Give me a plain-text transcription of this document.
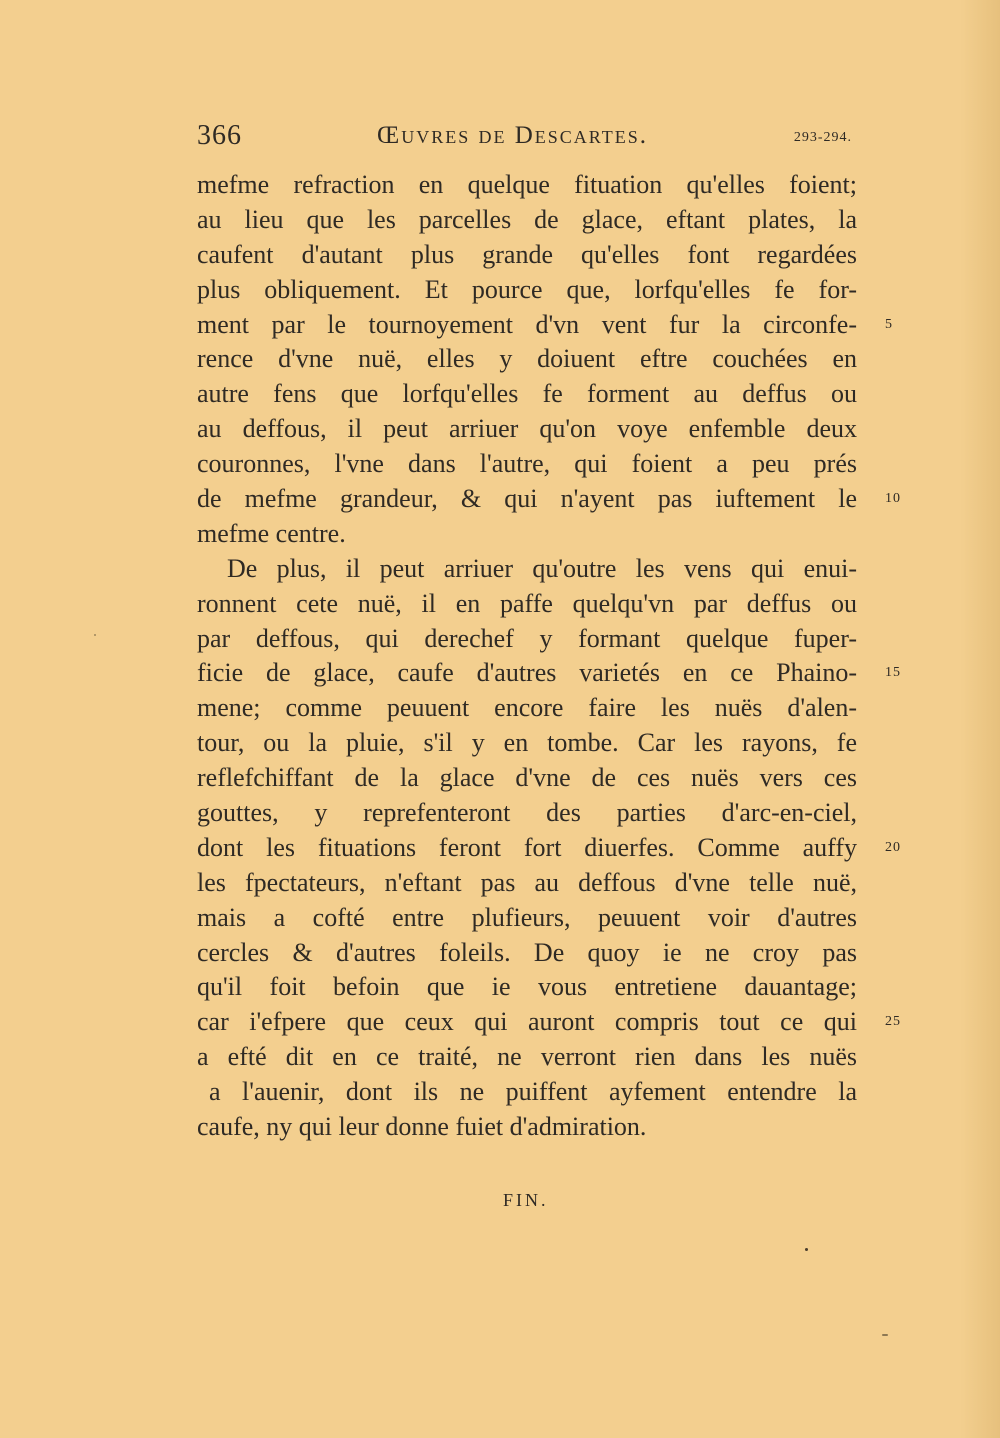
366	Œuvres de Descartes.	293-294.
mefme refraction en quelque fituation qu'elles foient;
au lieu que les parcelles de glace, eftant plates, la
caufent d'autant plus grande qu'elles font regardées
plus obliquement. Et pource que, lorfqu'elles fe for-
ment par le tournoyement d'vn vent fur la circonfe- 5
rence d'vne nuë, elles y doiuent eftre couchées en
autre fens que lorfqu'elles fe forment au deffus ou
au deffous, il peut arriuer qu'on voye enfemble deux
couronnes, l'vne dans l'autre, qui foient a peu prés
de mefme grandeur, & qui n'ayent pas iuftement le 10
mefme centre.
De plus, il peut arriuer qu'outre les vens qui enui-
ronnent cete nuë, il en paffe quelqu'vn par deffus ou
par deffous, qui derechef y formant quelque fuper-
ficie de glace, caufe d'autres varietés en ce Phaino- 15
mene; comme peuuent encore faire les nuës d'alen-
tour, ou la pluie, s'il y en tombe. Car les rayons, fe
reflefchiffant de la glace d'vne de ces nuës vers ces
gouttes, y reprefenteront des parties d'arc-en-ciel,
dont les fituations feront fort diuerfes. Comme auffy 20
les fpectateurs, n'eftant pas au deffous d'vne telle nuë,
mais a cofté entre plufieurs, peuuent voir d'autres
cercles & d'autres foleils. De quoy ie ne croy pas
qu'il foit befoin que ie vous entretiene dauantage;
car i'efpere que ceux qui auront compris tout ce qui 25
a efté dit en ce traité, ne verront rien dans les nuës
a l'auenir, dont ils ne puiffent ayfement entendre la
caufe, ny qui leur donne fuiet d'admiration.
FIN.
